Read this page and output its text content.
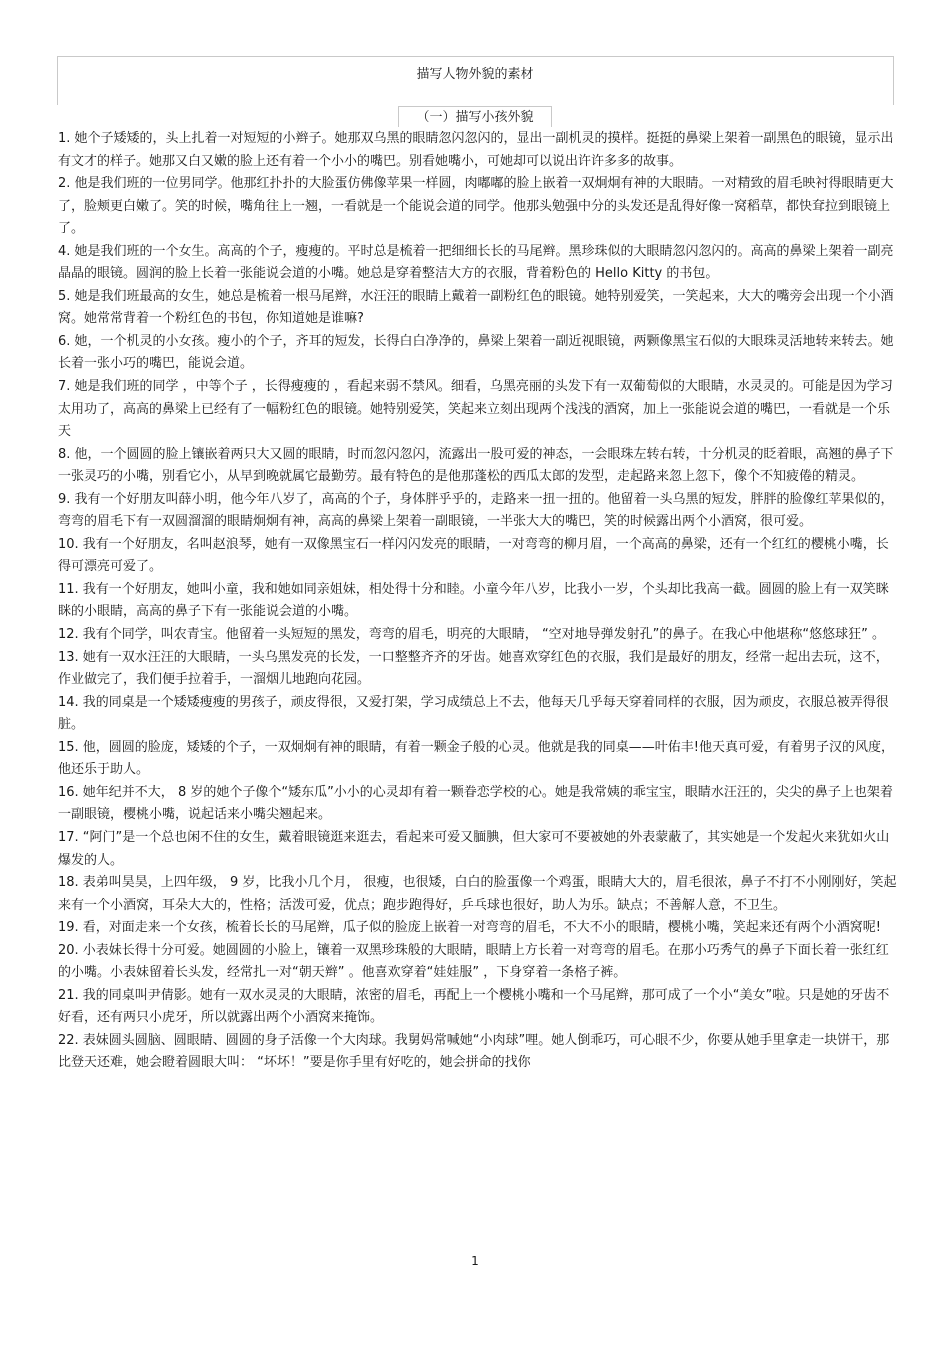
描写人物外貌的素材
（一）描写小孩外貌

1. 她个子矮矮的，头上扎着一对短短的小辫子。她那双乌黑的眼睛忽闪忽闪的，显出一副机灵的摸样。挺挺的鼻梁上架着一副黑色的眼镜，显示出有文才的样子。她那又白又嫩的脸上还有着一个小小的嘴巴。别看她嘴小，可她却可以说出许许多多的故事。

2. 他是我们班的一位男同学。他那红扑扑的大脸蛋仿佛像苹果一样圆，肉嘟嘟的脸上嵌着一双炯炯有神的大眼睛。一对精致的眉毛映衬得眼睛更大了，脸颊更白嫩了。笑的时候，嘴角往上一翘，一看就是一个能说会道的同学。他那头勉强中分的头发还是乱得好像一窝稻草，都快耷拉到眼镜上了。

4. 她是我们班的一个女生。高高的个子，瘦瘦的。平时总是梳着一把细细长长的马尾辫。黑珍珠似的大眼睛忽闪忽闪的。高高的鼻梁上架着一副亮晶晶的眼镜。圆润的脸上长着一张能说会道的小嘴。她总是穿着整洁大方的衣服，背着粉色的 Hello Kitty 的书包。

5. 她是我们班最高的女生，她总是梳着一根马尾辫，水汪汪的眼睛上戴着一副粉红色的眼镜。她特别爱笑，一笑起来，大大的嘴旁会出现一个小酒窝。她常常背着一个粉红色的书包，你知道她是谁嘛?

6. 她，一个机灵的小女孩。瘦小的个子，齐耳的短发，长得白白净净的，鼻梁上架着一副近视眼镜，两颗像黑宝石似的大眼珠灵活地转来转去。她长着一张小巧的嘴巴，能说会道。

7. 她是我们班的同学 ，中等个子 ，长得瘦瘦的 ，看起来弱不禁风。细看，乌黑亮丽的头发下有一双葡萄似的大眼睛，水灵灵的。可能是因为学习太用功了，高高的鼻梁上已经有了一幅粉红色的眼镜。她特别爱笑，笑起来立刻出现两个浅浅的酒窝，加上一张能说会道的嘴巴，一看就是一个乐天

8. 他，一个圆圆的脸上镶嵌着两只大又圆的眼睛，时而忽闪忽闪，流露出一股可爱的神态，一会眼珠左转右转，十分机灵的眨着眼，高翘的鼻子下一张灵巧的小嘴，别看它小，从早到晚就属它最勤劳。最有特色的是他那蓬松的西瓜太郎的发型，走起路来忽上忽下，像个不知疲倦的精灵。

9. 我有一个好朋友叫薛小明，他今年八岁了，高高的个子，身体胖乎乎的，走路来一扭一扭的。他留着一头乌黑的短发，胖胖的脸像红苹果似的，弯弯的眉毛下有一双圆溜溜的眼睛炯炯有神，高高的鼻梁上架着一副眼镜，一半张大大的嘴巴，笑的时候露出两个小酒窝，很可爱。

10. 我有一个好朋友，名叫赵浪琴，她有一双像黑宝石一样闪闪发亮的眼睛，一对弯弯的柳月眉，一个高高的鼻梁，还有一个红红的樱桃小嘴，长得可漂亮可爱了。

11. 我有一个好朋友，她叫小童，我和她如同亲姐妹，相处得十分和睦。小童今年八岁，比我小一岁，个头却比我高一截。圆圆的脸上有一双笑眯眯的小眼睛，高高的鼻子下有一张能说会道的小嘴。

12. 我有个同学，叫农青宝。他留着一头短短的黑发，弯弯的眉毛，明亮的大眼睛， “空对地导弹发射孔”的鼻子。在我心中他堪称“悠悠球狂” 。

13. 她有一双水汪汪的大眼睛，一头乌黑发亮的长发，一口整整齐齐的牙齿。她喜欢穿红色的衣服，我们是最好的朋友，经常一起出去玩，这不，作业做完了，我们便手拉着手，一溜烟儿地跑向花园。

14. 我的同桌是一个矮矮瘦瘦的男孩子，顽皮得很，又爱打架，学习成绩总上不去，他每天几乎每天穿着同样的衣服，因为顽皮，衣服总被弄得很脏。

15. 他，圆圆的脸庞，矮矮的个子，一双炯炯有神的眼睛，有着一颗金子般的心灵。他就是我的同桌——叶佑丰!他天真可爱，有着男子汉的风度，他还乐于助人。

16. 她年纪并不大， 8 岁的她个子像个“矮东瓜”小小的心灵却有着一颗眷恋学校的心。她是我常姨的乖宝宝，眼睛水汪汪的，尖尖的鼻子上也架着一副眼镜，樱桃小嘴，说起话来小嘴尖翘起来。

17. “阿门”是一个总也闲不住的女生，戴着眼镜逛来逛去，看起来可爱又腼腆，但大家可不要被她的外表蒙蔽了，其实她是一个发起火来犹如火山爆发的人。

18. 表弟叫昊昊，上四年级， 9 岁，比我小几个月， 很瘦，也很矮，白白的脸蛋像一个鸡蛋，眼睛大大的，眉毛很浓，鼻子不打不小刚刚好，笑起来有一个小酒窝，耳朵大大的，性格；活泼可爱，优点；跑步跑得好，乒乓球也很好，助人为乐。缺点；不善解人意，不卫生。

19. 看，对面走来一个女孩，梳着长长的马尾辫，瓜子似的脸庞上嵌着一对弯弯的眉毛，不大不小的眼睛，樱桃小嘴，笑起来还有两个小酒窝呢!

20. 小表妹长得十分可爱。她圆圆的小脸上，镶着一双黑珍珠般的大眼睛，眼睛上方长着一对弯弯的眉毛。在那小巧秀气的鼻子下面长着一张红红的小嘴。小表妹留着长头发，经常扎一对“朝天辫” 。他喜欢穿着“娃娃服” ，下身穿着一条格子裤。

21. 我的同桌叫尹倩影。她有一双水灵灵的大眼睛，浓密的眉毛，再配上一个樱桃小嘴和一个马尾辫，那可成了一个小“美女”啦。只是她的牙齿不好看，还有两只小虎牙，所以就露出两个小酒窝来掩饰。

22. 表妹圆头圆脑、圆眼睛、圆圆的身子活像一个大肉球。我舅妈常喊她“小肉球”哩。她人倒乖巧，可心眼不少，你要从她手里拿走一块饼干，那比登天还难，她会瞪着圆眼大叫： “坏坏！”要是你手里有好吃的，她会拼命的找你

1
